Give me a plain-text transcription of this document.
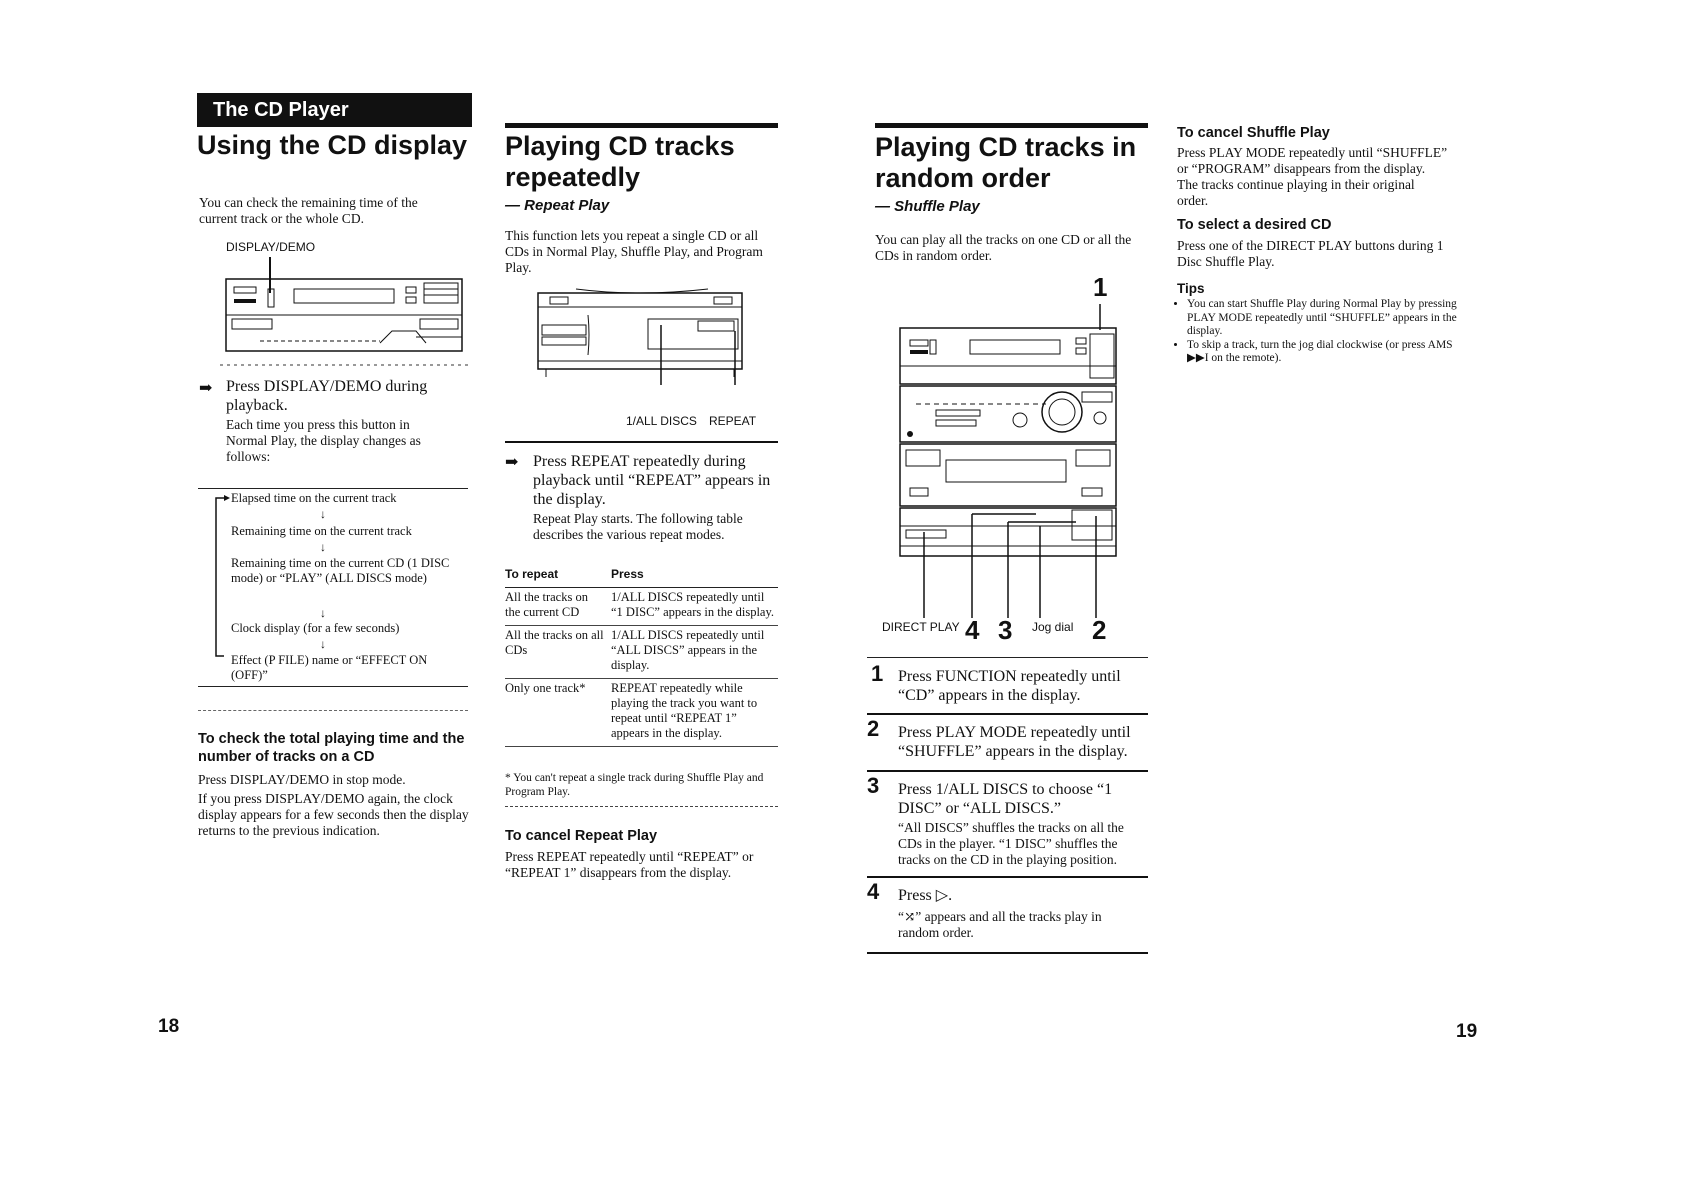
The CD Player
Using the CD display
You can check the remaining time of the current track or the whole CD.
DISPLAY/DEMO
➡ Press DISPLAY/DEMO during playback.
Each time you press this button in Normal Play, the display changes as follows:
Elapsed time on the current track
↓
Remaining time on the current track
↓
Remaining time on the current CD (1 DISC mode) or “PLAY” (ALL DISCS mode)
↓
Clock display (for a few seconds)
↓
Effect (P FILE) name or “EFFECT ON (OFF)”
To check the total playing time and the number of tracks on a CD
Press DISPLAY/DEMO in stop mode.
If you press DISPLAY/DEMO again, the clock display appears for a few seconds then the display returns to the previous indication.
Playing CD tracks repeatedly
— Repeat Play
This function lets you repeat a single CD or all CDs in Normal Play, Shuffle Play, and Program Play.
1/ALL DISCS REPEAT
➡ Press REPEAT repeatedly during playback until “REPEAT” appears in the display.
Repeat Play starts. The following table describes the various repeat modes.
To repeat	Press
All the tracks on the current CD	1/ALL DISCS repeatedly until “1 DISC” appears in the display.
All the tracks on all CDs	1/ALL DISCS repeatedly until “ALL DISCS” appears in the display.
Only one track*	REPEAT repeatedly while playing the track you want to repeat until “REPEAT 1” appears in the display.
* You can't repeat a single track during Shuffle Play and Program Play.
To cancel Repeat Play
Press REPEAT repeatedly until “REPEAT” or “REPEAT 1” disappears from the display.
Playing CD tracks in random order
— Shuffle Play
You can play all the tracks on one CD or all the CDs in random order.
1
DIRECT PLAY 4 3 Jog dial 2
1 Press FUNCTION repeatedly until “CD” appears in the display.
2 Press PLAY MODE repeatedly until “SHUFFLE” appears in the display.
3 Press 1/ALL DISCS to choose “1 DISC” or “ALL DISCS.”
“All DISCS” shuffles the tracks on all the CDs in the player. “1 DISC” shuffles the tracks on the CD in the playing position.
4 Press ▷.
“⤮” appears and all the tracks play in random order.
To cancel Shuffle Play
Press PLAY MODE repeatedly until “SHUFFLE” or “PROGRAM” disappears from the display. The tracks continue playing in their original order.
To select a desired CD
Press one of the DIRECT PLAY buttons during 1 Disc Shuffle Play.
Tips
• You can start Shuffle Play during Normal Play by pressing PLAY MODE repeatedly until “SHUFFLE” appears in the display.
• To skip a track, turn the jog dial clockwise (or press AMS ▶▶I on the remote).
18	19
